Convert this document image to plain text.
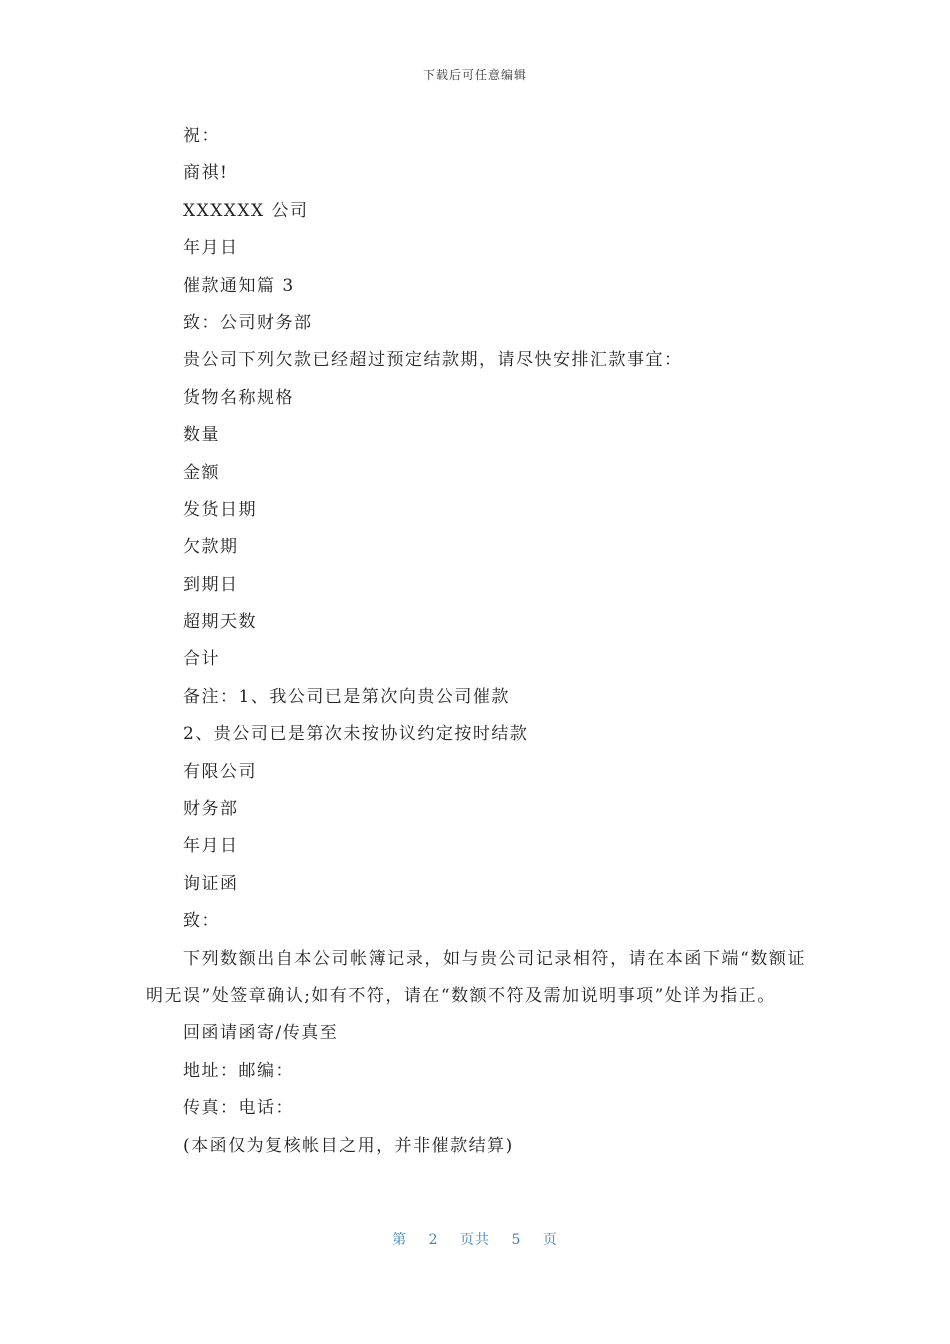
下载后可任意编辑
祝：
商祺!
XXXXXX 公司
年月日
催款通知篇 3
致：公司财务部
贵公司下列欠款已经超过预定结款期，请尽快安排汇款事宜：
货物名称规格
数量
金额
发货日期
欠款期
到期日
超期天数
合计
备注：1、我公司已是第次向贵公司催款
2、贵公司已是第次未按协议约定按时结款
有限公司
财务部
年月日
询证函
致：
下列数额出自本公司帐簿记录，如与贵公司记录相符，请在本函下端“数额证明无误”处签章确认;如有不符，请在“数额不符及需加说明事项”处详为指正。
回函请函寄/传真至
地址：邮编：
传真：电话：
(本函仅为复核帐目之用，并非催款结算)
第 2 页共 5 页
